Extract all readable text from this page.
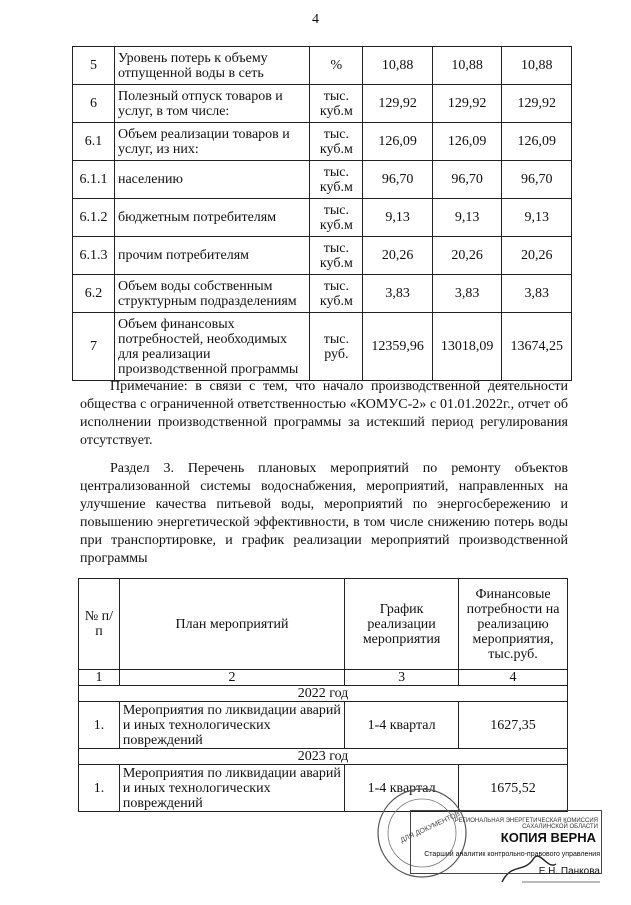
4
5	Уровень потерь к объему отпущенной воды в сеть	%	10,88	10,88	10,88
6	Полезный отпуск товаров и услуг, в том числе:	тыс. куб.м	129,92	129,92	129,92
6.1	Объем реализации товаров и услуг, из них:	тыс. куб.м	126,09	126,09	126,09
6.1.1	населению	тыс. куб.м	96,70	96,70	96,70
6.1.2	бюджетным потребителям	тыс. куб.м	9,13	9,13	9,13
6.1.3	прочим потребителям	тыс. куб.м	20,26	20,26	20,26
6.2	Объем воды собственным структурным подразделениям	тыс. куб.м	3,83	3,83	3,83
7	Объем финансовых потребностей, необходимых для реализации производственной программы	тыс. руб.	12359,96	13018,09	13674,25
Примечание: в связи с тем, что начало производственной деятельности общества с ограниченной ответственностью «КОМУС-2» с 01.01.2022г., отчет об исполнении производственной программы за истекший период регулирования отсутствует.
Раздел 3. Перечень плановых мероприятий по ремонту объектов централизованной системы водоснабжения, мероприятий, направленных на улучшение качества питьевой воды, мероприятий по энергосбережению и повышению энергетической эффективности, в том числе снижению потерь воды при транспортировке, и график реализации мероприятий производственной программы
№ п/п	План мероприятий	График реализации мероприятия	Финансовые потребности на реализацию мероприятия, тыс.руб.
1	2	3	4
2022 год			
1.	Мероприятия по ликвидации аварий и иных технологических повреждений	1-4 квартал	1627,35
2023 год			
1.	Мероприятия по ликвидации аварий и иных технологических повреждений	1-4 квартал	1675,52
ДЛЯ ДОКУМЕНТОВ
РЕГИОНАЛЬНАЯ ЭНЕРГЕТИЧЕСКАЯ КОМИССИЯ САХАЛИНСКОЙ ОБЛАСТИ
КОПИЯ ВЕРНА
Старший аналитик контрольно-правового управления
Е.Н. Панкова
